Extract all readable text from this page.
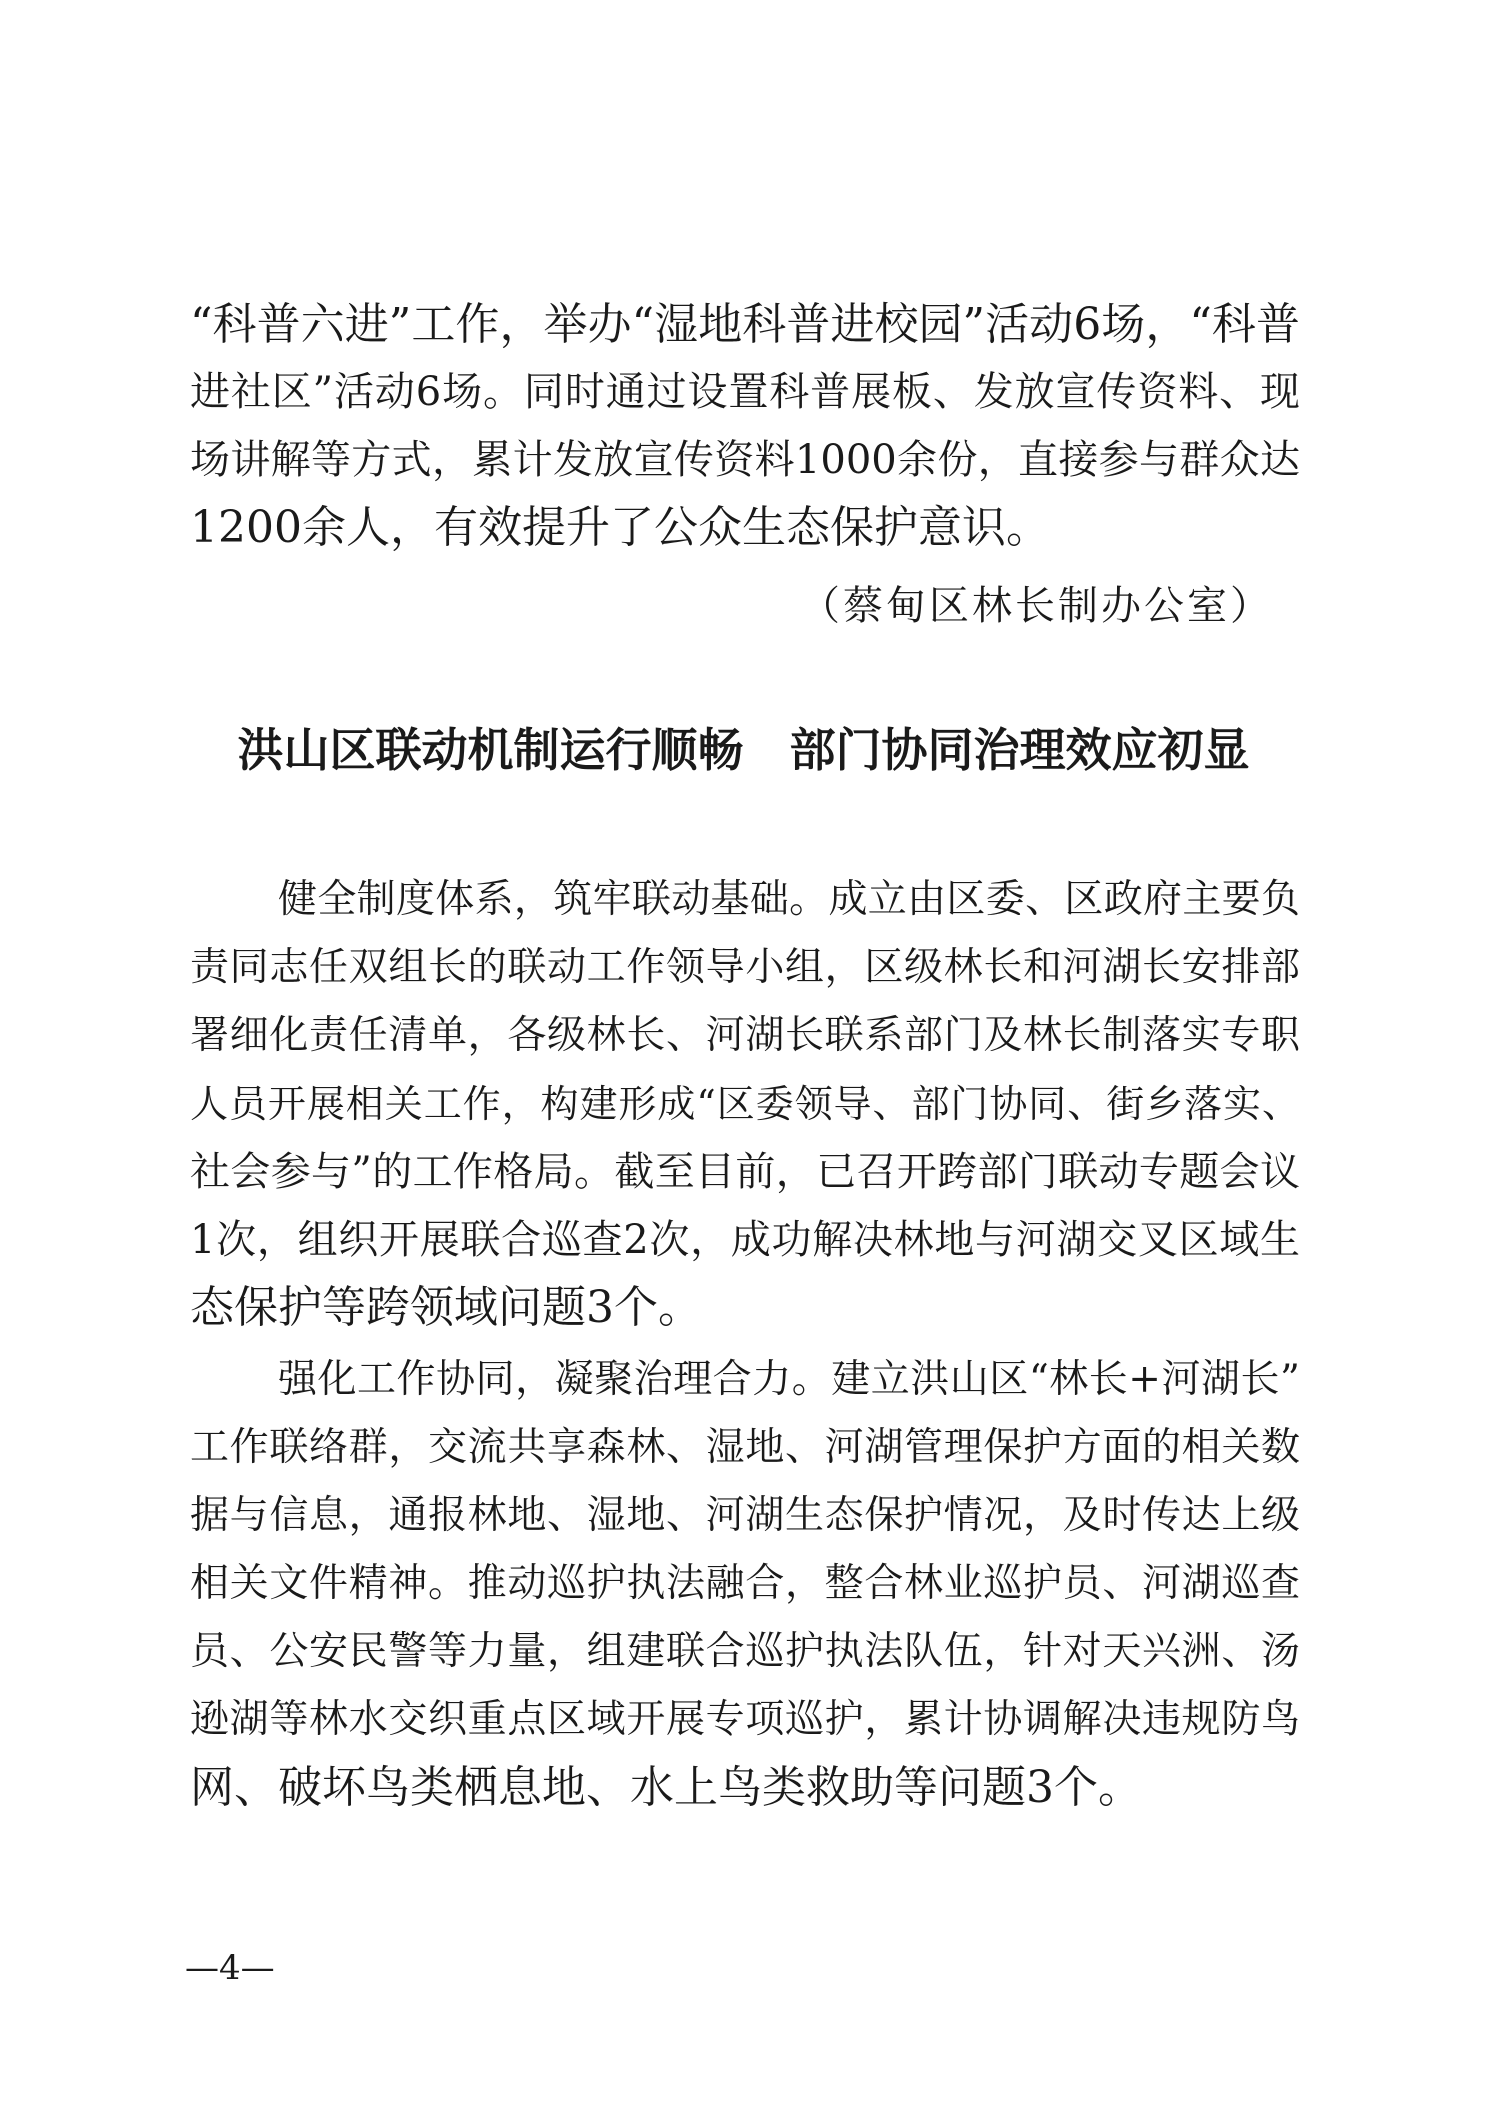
“科普六进”工作，举办“湿地科普进校园”活动6场，“科普
进社区”活动6场。同时通过设置科普展板、发放宣传资料、现
场讲解等方式，累计发放宣传资料1000余份，直接参与群众达
1200余人，有效提升了公众生态保护意识。
（蔡甸区林长制办公室）
洪山区联动机制运行顺畅　部门协同治理效应初显
健全制度体系，筑牢联动基础。成立由区委、区政府主要负
责同志任双组长的联动工作领导小组，区级林长和河湖长安排部
署细化责任清单，各级林长、河湖长联系部门及林长制落实专职
人员开展相关工作，构建形成“区委领导、部门协同、街乡落实、
社会参与”的工作格局。截至目前，已召开跨部门联动专题会议
1次，组织开展联合巡查2次，成功解决林地与河湖交叉区域生
态保护等跨领域问题3个。
强化工作协同，凝聚治理合力。建立洪山区“林长+河湖长”
工作联络群，交流共享森林、湿地、河湖管理保护方面的相关数
据与信息，通报林地、湿地、河湖生态保护情况，及时传达上级
相关文件精神。推动巡护执法融合，整合林业巡护员、河湖巡查
员、公安民警等力量，组建联合巡护执法队伍，针对天兴洲、汤
逊湖等林水交织重点区域开展专项巡护，累计协调解决违规防鸟
网、破坏鸟类栖息地、水上鸟类救助等问题3个。
—4—
